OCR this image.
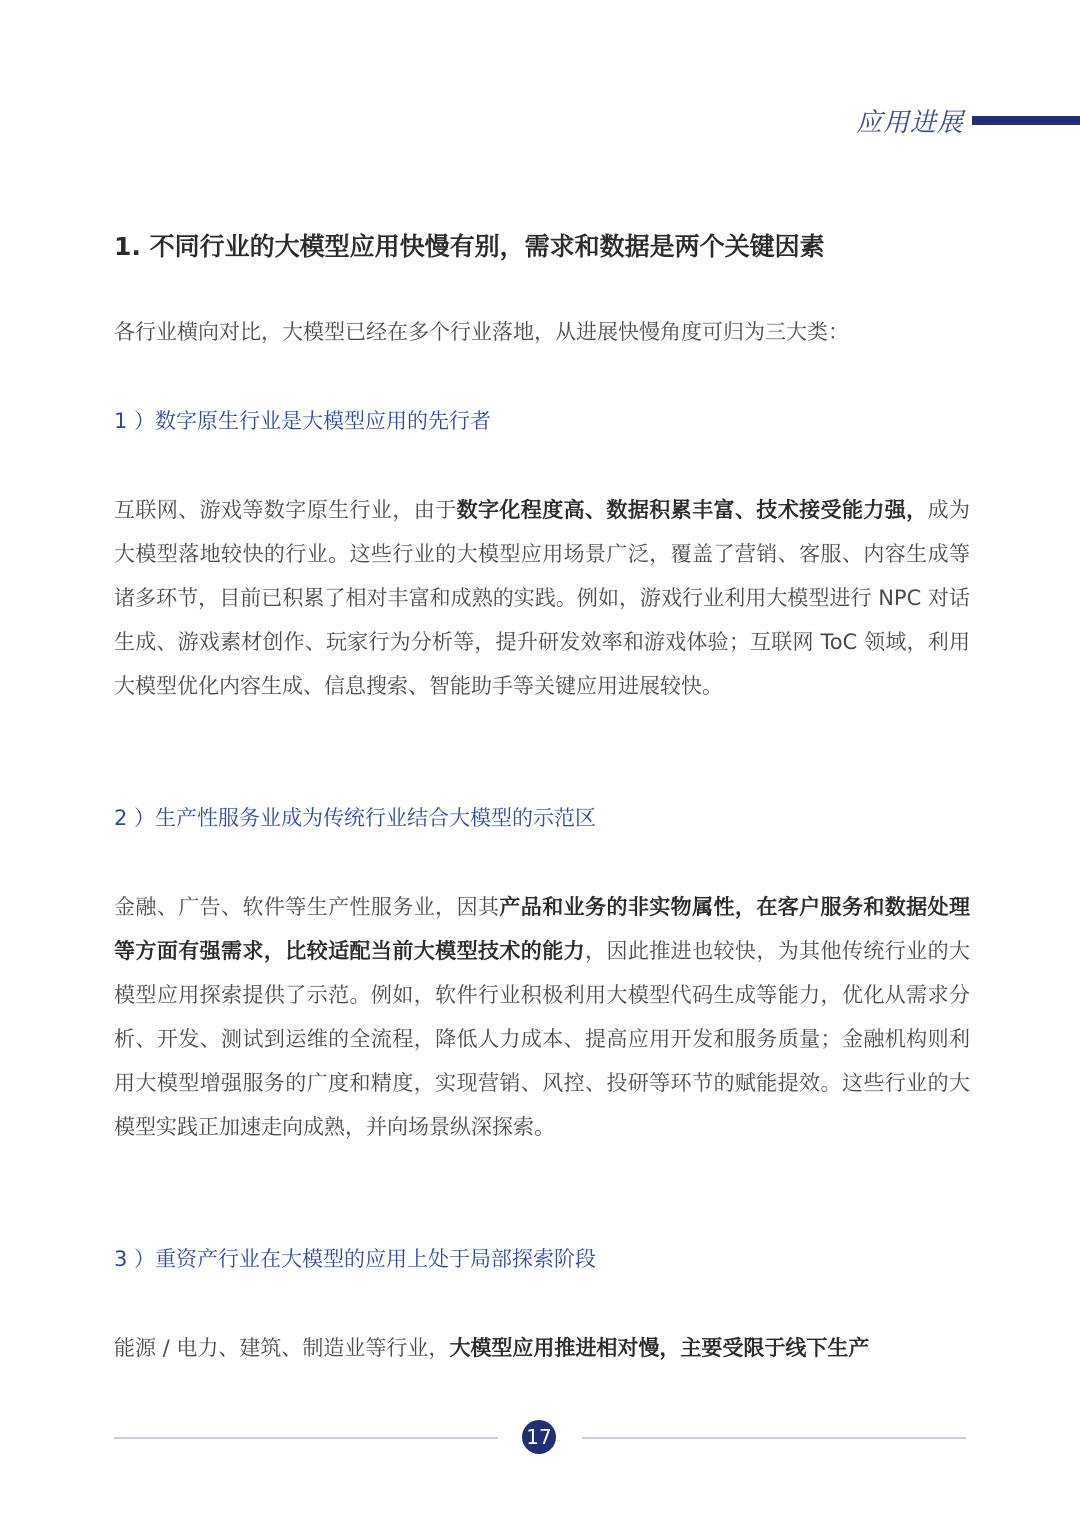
应用进展
1. 不同行业的大模型应用快慢有别，需求和数据是两个关键因素
各行业横向对比，大模型已经在多个行业落地，从进展快慢角度可归为三大类：
1 ）数字原生行业是大模型应用的先行者
互联网、游戏等数字原生行业，由于数字化程度高、数据积累丰富、技术接受能力强，成为大模型落地较快的行业。这些行业的大模型应用场景广泛，覆盖了营销、客服、内容生成等诸多环节，目前已积累了相对丰富和成熟的实践。例如，游戏行业利用大模型进行 NPC 对话生成、游戏素材创作、玩家行为分析等，提升研发效率和游戏体验；互联网 ToC 领域，利用大模型优化内容生成、信息搜索、智能助手等关键应用进展较快。
2 ）生产性服务业成为传统行业结合大模型的示范区
金融、广告、软件等生产性服务业，因其产品和业务的非实物属性，在客户服务和数据处理等方面有强需求，比较适配当前大模型技术的能力，因此推进也较快，为其他传统行业的大模型应用探索提供了示范。例如，软件行业积极利用大模型代码生成等能力，优化从需求分析、开发、测试到运维的全流程，降低人力成本、提高应用开发和服务质量；金融机构则利用大模型增强服务的广度和精度，实现营销、风控、投研等环节的赋能提效。这些行业的大模型实践正加速走向成熟，并向场景纵深探索。
3 ）重资产行业在大模型的应用上处于局部探索阶段
能源 / 电力、建筑、制造业等行业，大模型应用推进相对慢，主要受限于线下生产
17
